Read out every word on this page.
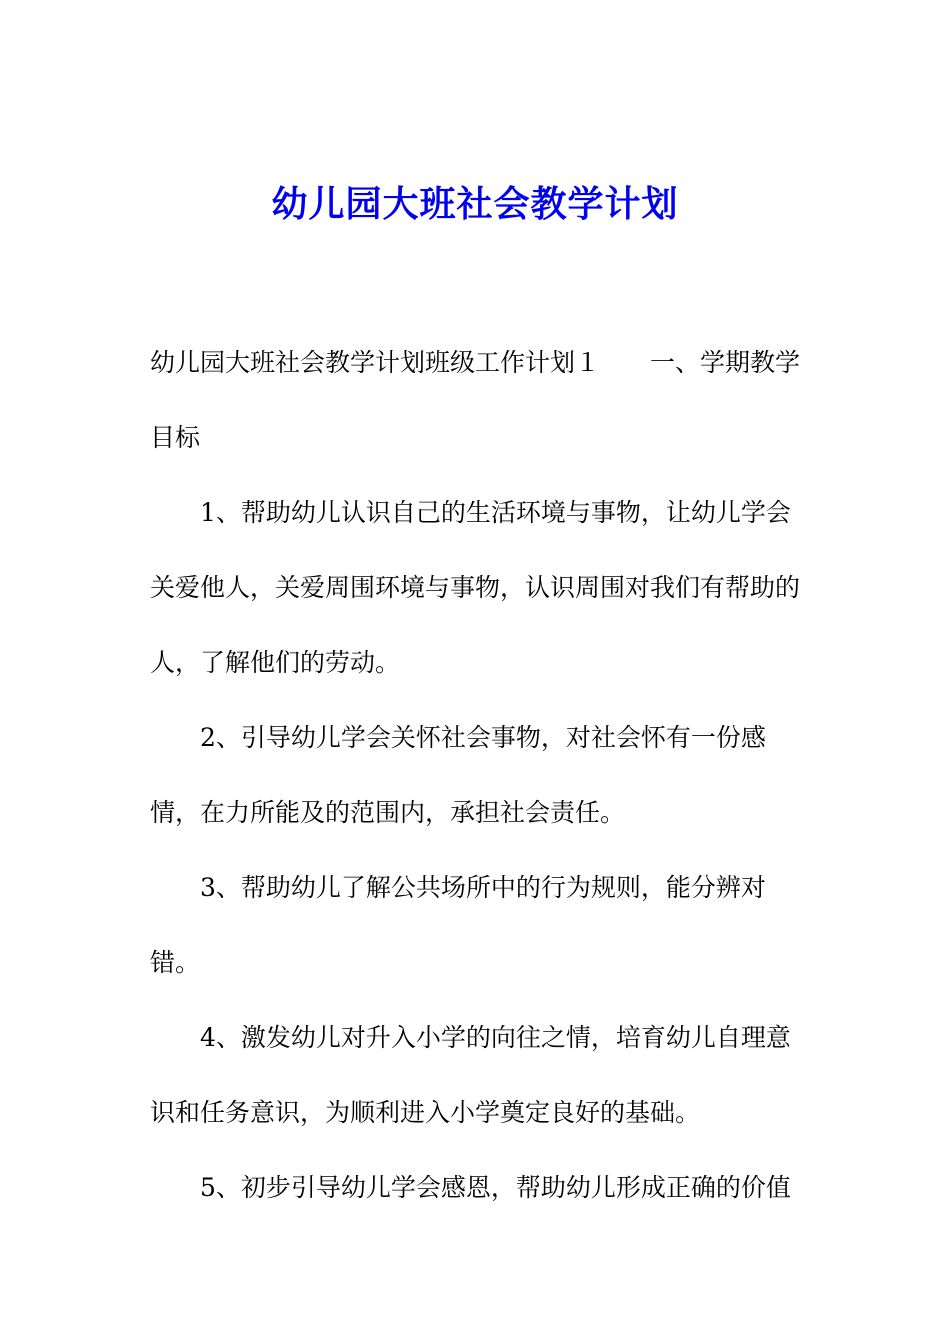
幼儿园大班社会教学计划

幼儿园大班社会教学计划班级工作计划１ 一、学期教学目标

1、帮助幼儿认识自己的生活环境与事物，让幼儿学会关爱他人，关爱周围环境与事物，认识周围对我们有帮助的人，了解他们的劳动。

2、引导幼儿学会关怀社会事物，对社会怀有一份感情，在力所能及的范围内，承担社会责任。

3、帮助幼儿了解公共场所中的行为规则，能分辨对错。

4、激发幼儿对升入小学的向往之情，培育幼儿自理意识和任务意识，为顺利进入小学奠定良好的基础。

5、初步引导幼儿学会感恩，帮助幼儿形成正确的价值
